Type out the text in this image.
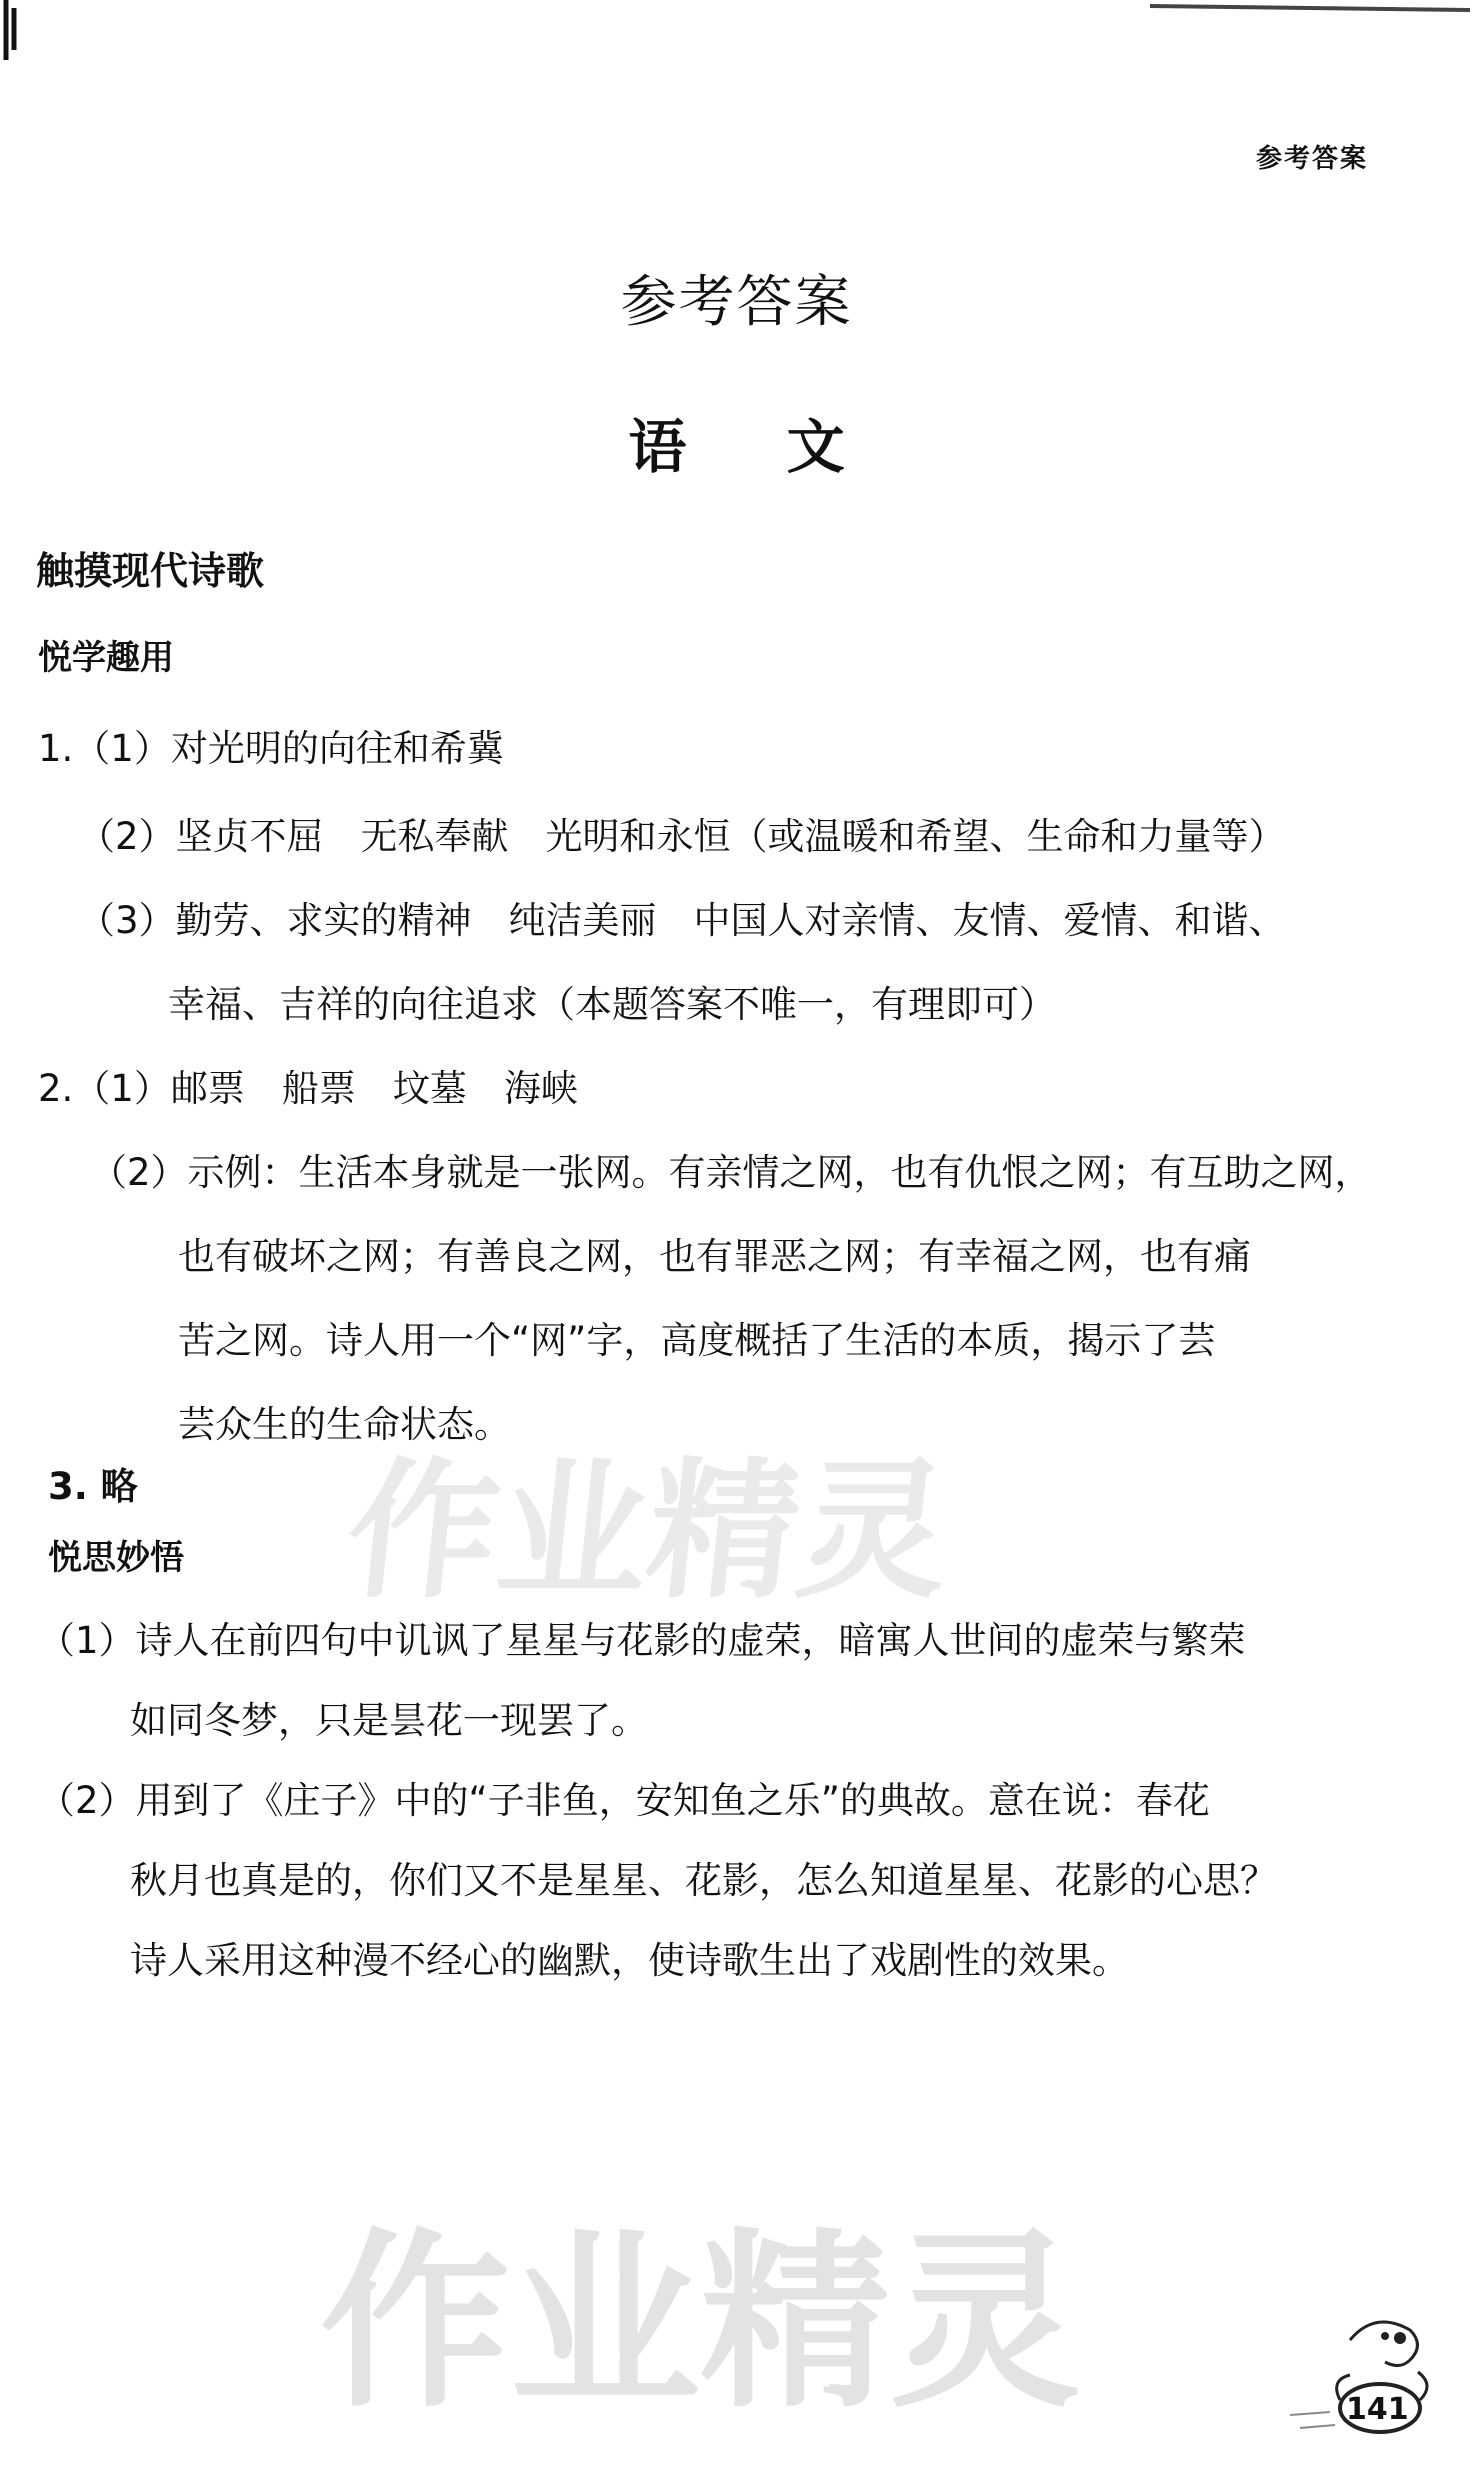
参考答案
参考答案
语 文
触摸现代诗歌
悦学趣用
1.（1）对光明的向往和希冀
（2）坚贞不屈　无私奉献　光明和永恒（或温暖和希望、生命和力量等）
（3）勤劳、求实的精神　纯洁美丽　中国人对亲情、友情、爱情、和谐、
幸福、吉祥的向往追求（本题答案不唯一，有理即可）
2.（1）邮票　船票　坟墓　海峡
（2）示例：生活本身就是一张网。有亲情之网，也有仇恨之网；有互助之网，
也有破坏之网；有善良之网，也有罪恶之网；有幸福之网，也有痛
苦之网。诗人用一个“网”字，高度概括了生活的本质，揭示了芸
芸众生的生命状态。
3. 略
悦思妙悟
（1）诗人在前四句中讥讽了星星与花影的虚荣，暗寓人世间的虚荣与繁荣
如同冬梦，只是昙花一现罢了。
（2）用到了《庄子》中的“子非鱼，安知鱼之乐”的典故。意在说：春花
秋月也真是的，你们又不是星星、花影，怎么知道星星、花影的心思？
诗人采用这种漫不经心的幽默，使诗歌生出了戏剧性的效果。
作业精灵
作业精灵	141
